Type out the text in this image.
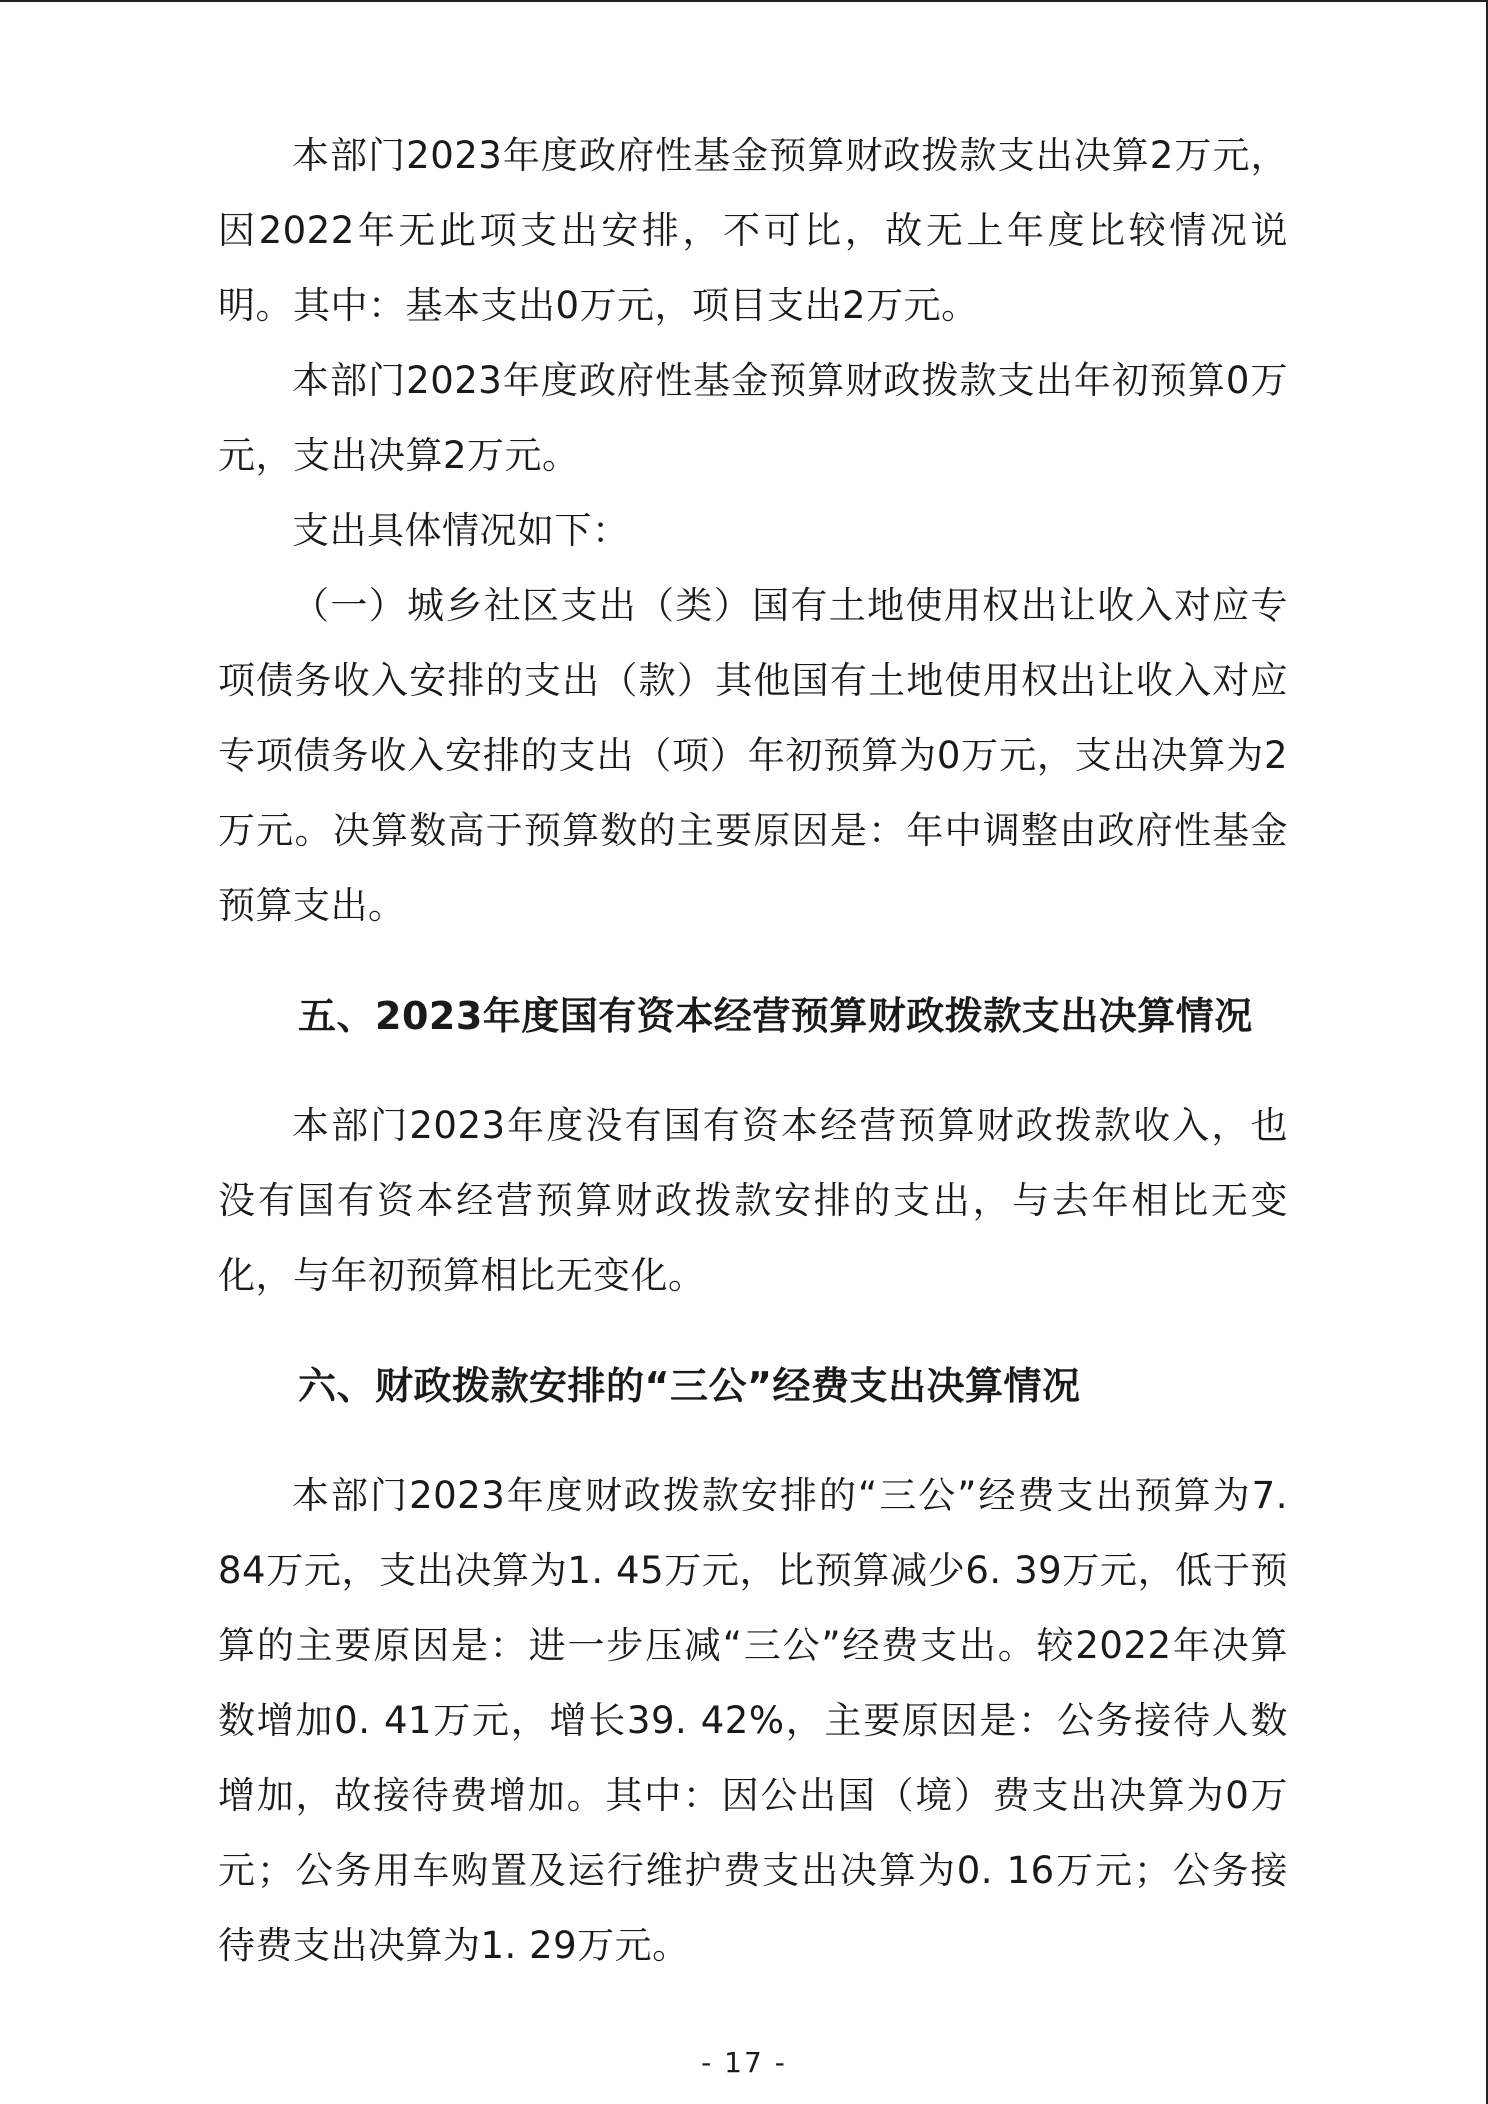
本部门2023年度政府性基金预算财政拨款支出决算2万元，因2022年无此项支出安排，不可比，故无上年度比较情况说明。其中：基本支出0万元，项目支出2万元。

本部门2023年度政府性基金预算财政拨款支出年初预算0万元，支出决算2万元。

支出具体情况如下：

（一）城乡社区支出（类）国有土地使用权出让收入对应专项债务收入安排的支出（款）其他国有土地使用权出让收入对应专项债务收入安排的支出（项）年初预算为0万元，支出决算为2万元。决算数高于预算数的主要原因是：年中调整由政府性基金预算支出。

五、2023年度国有资本经营预算财政拨款支出决算情况

本部门2023年度没有国有资本经营预算财政拨款收入，也没有国有资本经营预算财政拨款安排的支出，与去年相比无变化，与年初预算相比无变化。

六、财政拨款安排的“三公”经费支出决算情况

本部门2023年度财政拨款安排的“三公”经费支出预算为7. 84万元，支出决算为1. 45万元，比预算减少6. 39万元，低于预算的主要原因是：进一步压减“三公”经费支出。较2022年决算数增加0. 41万元，增长39. 42%，主要原因是：公务接待人数增加，故接待费增加。其中：因公出国（境）费支出决算为0万元；公务用车购置及运行维护费支出决算为0. 16万元；公务接待费支出决算为1. 29万元。

- 17 -
